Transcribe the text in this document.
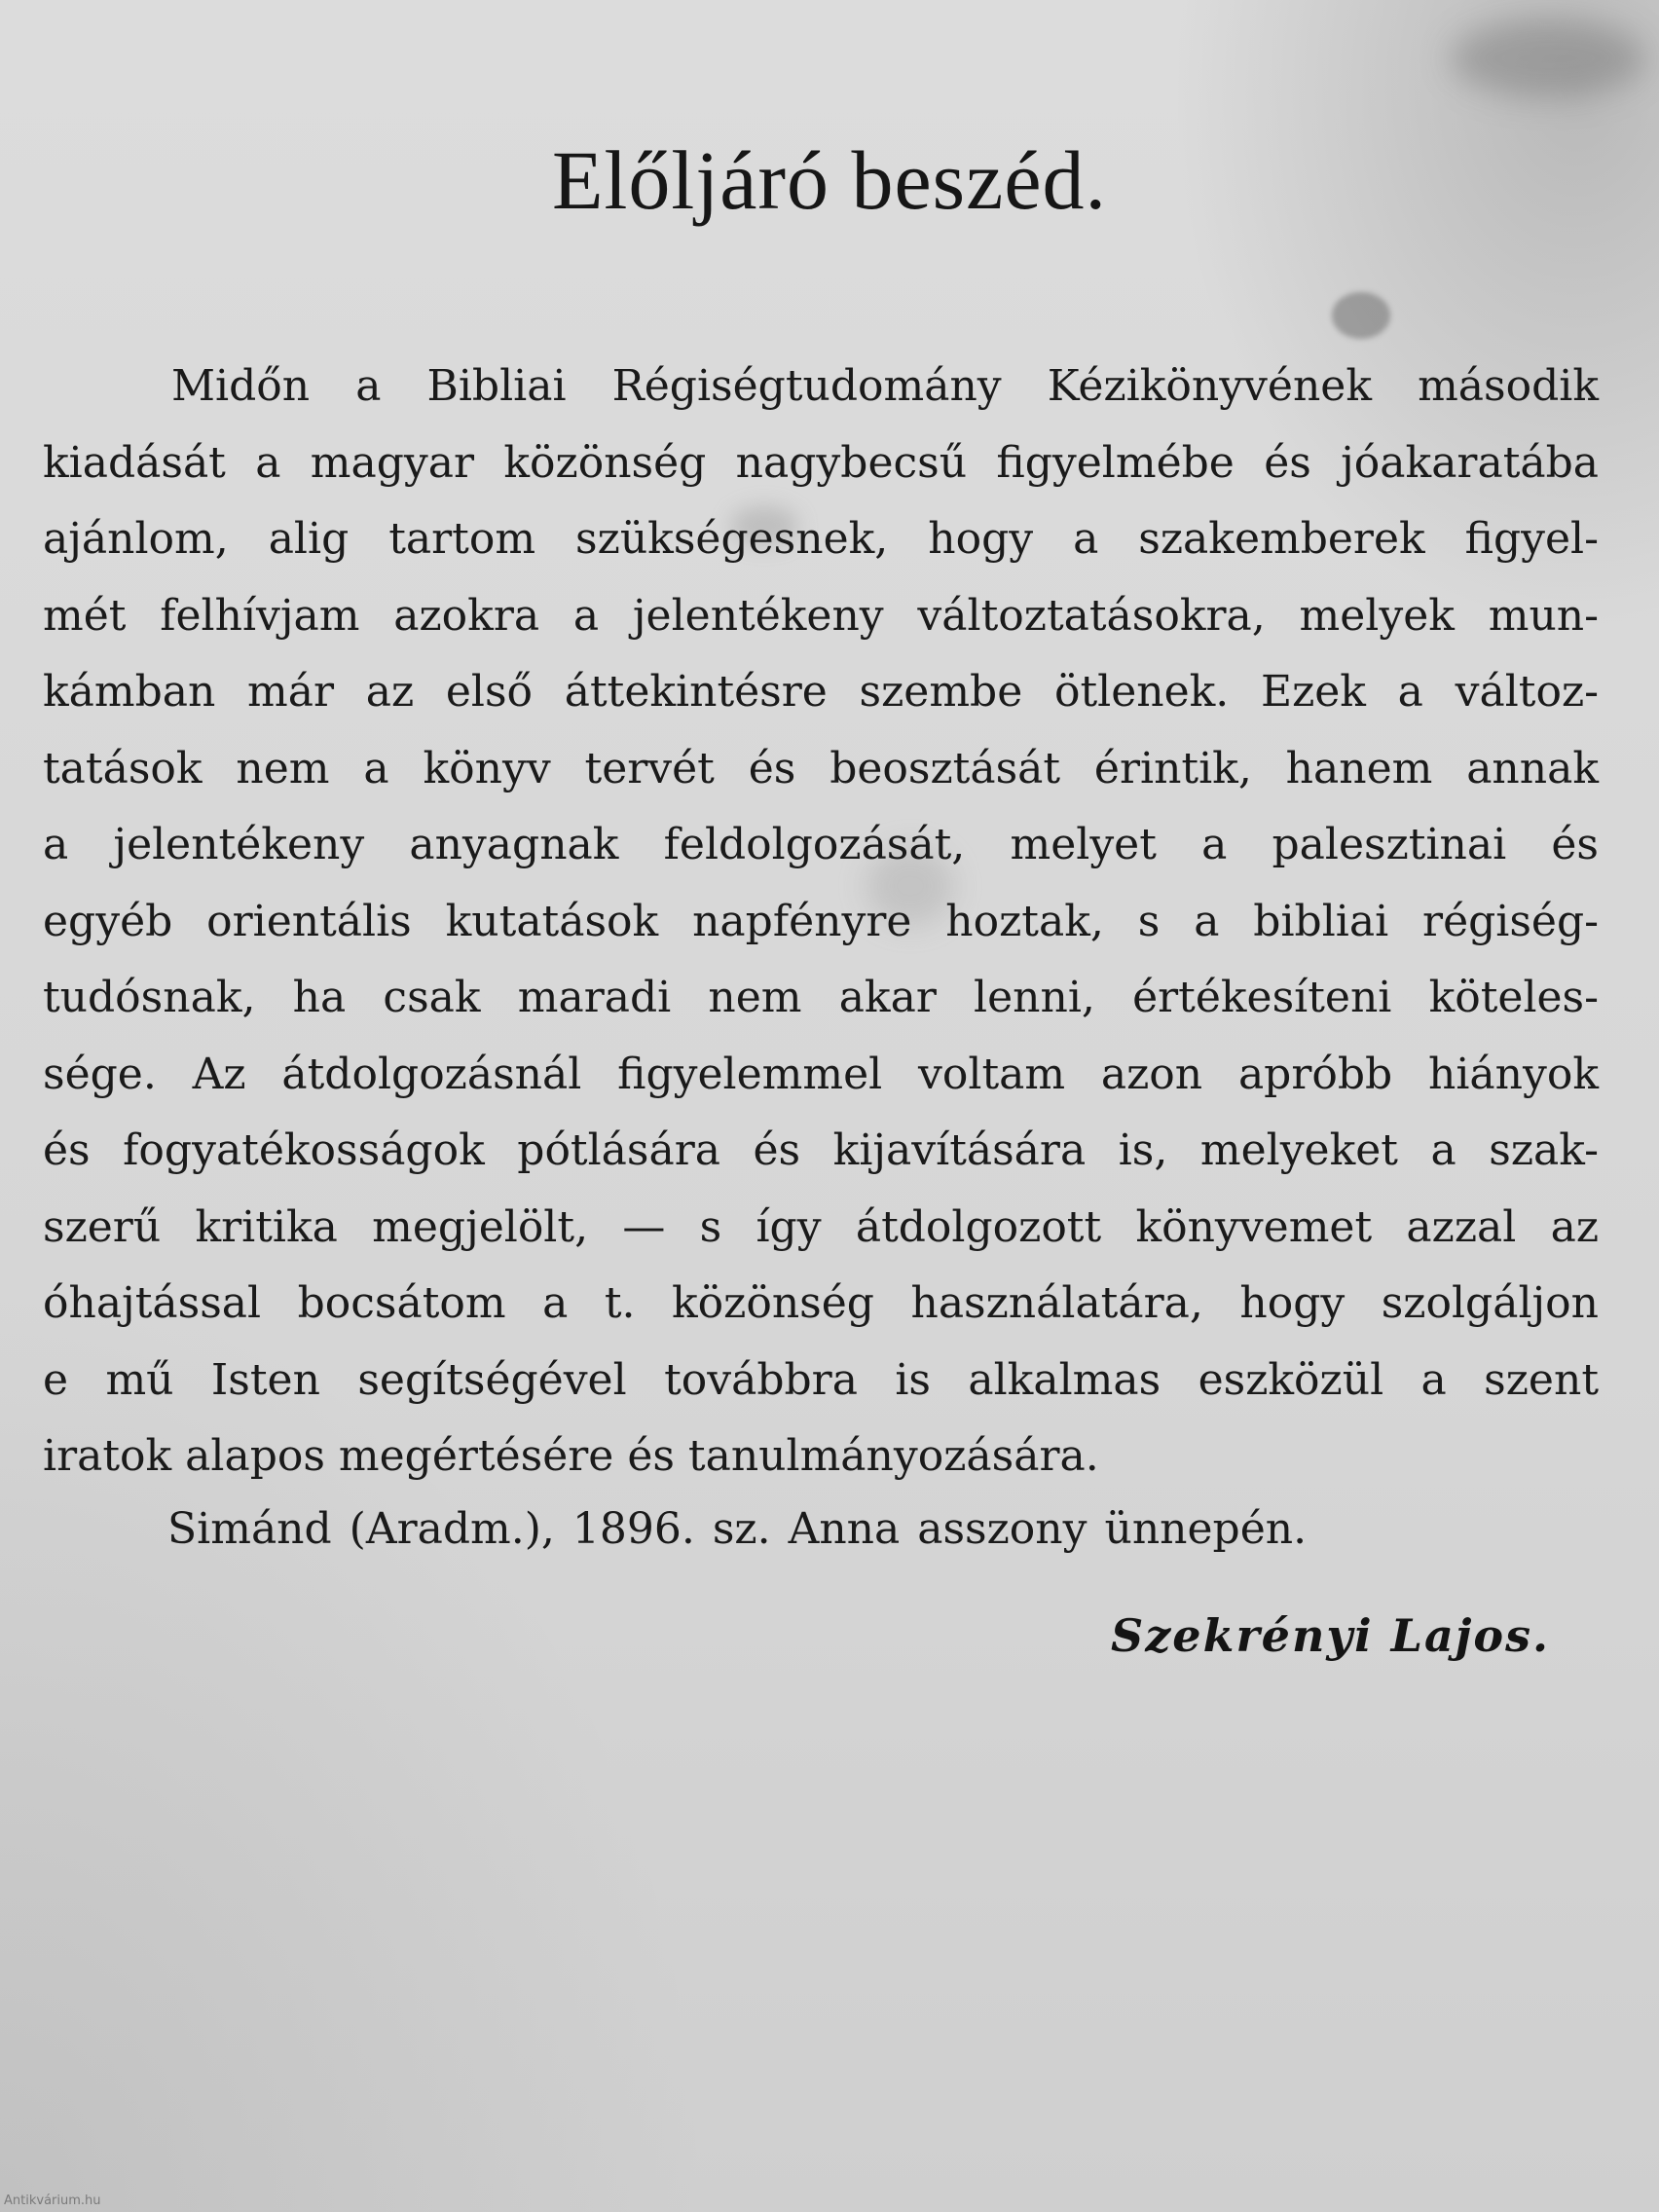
Előljáró beszéd.
Midőn a Bibliai Régiségtudomány Kézikönyvének második
kiadását a magyar közönség nagybecsű figyelmébe és jóakaratába
ajánlom, alig tartom szükségesnek, hogy a szakemberek figyel-
mét felhívjam azokra a jelentékeny változtatásokra, melyek mun-
kámban már az első áttekintésre szembe ötlenek. Ezek a változ-
tatások nem a könyv tervét és beosztását érintik, hanem annak
a jelentékeny anyagnak feldolgozását, melyet a palesztinai és
egyéb orientális kutatások napfényre hoztak, s a bibliai régiség-
tudósnak, ha csak maradi nem akar lenni, értékesíteni köteles-
sége. Az átdolgozásnál figyelemmel voltam azon apróbb hiányok
és fogyatékosságok pótlására és kijavítására is, melyeket a szak-
szerű kritika megjelölt, — s így átdolgozott könyvemet azzal az
óhajtással bocsátom a t. közönség használatára, hogy szolgáljon
e mű Isten segítségével továbbra is alkalmas eszközül a szent
iratok alapos megértésére és tanulmányozására.
Simánd (Aradm.), 1896. sz. Anna asszony ünnepén.
Szekrényi Lajos.
Antikvárium.hu
